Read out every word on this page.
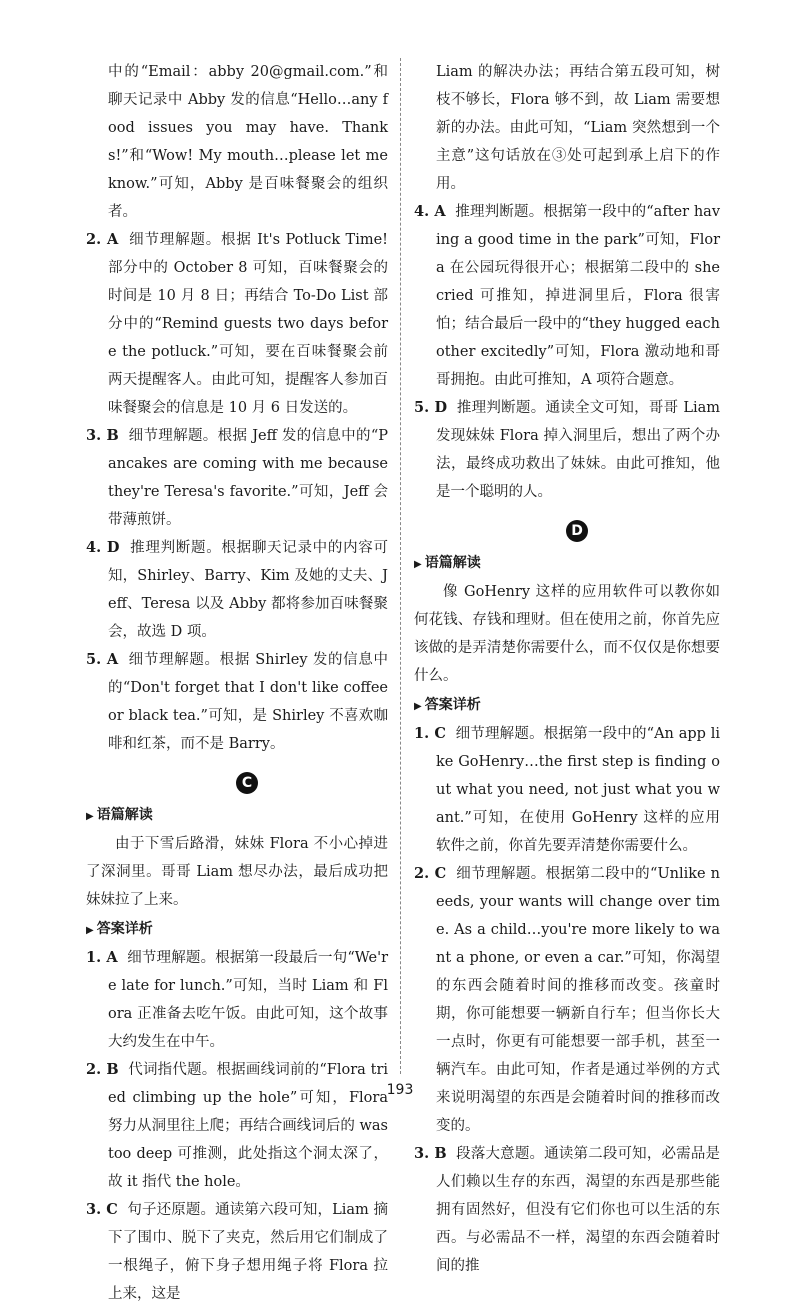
中的“Email：abby 20@gmail.com.”和聊天记录中 Abby 发的信息“Hello…any food issues you may have. Thanks!”和“Wow! My mouth…please let me know.”可知，Abby 是百味餐聚会的组织者。

2. A 细节理解题。根据 It's Potluck Time! 部分中的 October 8 可知，百味餐聚会的时间是 10 月 8 日；再结合 To-Do List 部分中的“Remind guests two days before the potluck.”可知，要在百味餐聚会前两天提醒客人。由此可知，提醒客人参加百味餐聚会的信息是 10 月 6 日发送的。

3. B 细节理解题。根据 Jeff 发的信息中的“Pancakes are coming with me because they're Teresa's favorite.”可知，Jeff 会带薄煎饼。

4. D 推理判断题。根据聊天记录中的内容可知，Shirley、Barry、Kim 及她的丈夫、Jeff、Teresa 以及 Abby 都将参加百味餐聚会，故选 D 项。

5. A 细节理解题。根据 Shirley 发的信息中的“Don't forget that I don't like coffee or black tea.”可知，是 Shirley 不喜欢咖啡和红茶，而不是 Barry。

C
▶ 语篇解读

由于下雪后路滑，妹妹 Flora 不小心掉进了深洞里。哥哥 Liam 想尽办法，最后成功把妹妹拉了上来。

▶ 答案详析

1. A 细节理解题。根据第一段最后一句“We're late for lunch.”可知，当时 Liam 和 Flora 正准备去吃午饭。由此可知，这个故事大约发生在中午。

2. B 代词指代题。根据画线词前的“Flora tried climbing up the hole”可知，Flora 努力从洞里往上爬；再结合画线词后的 was too deep 可推测，此处指这个洞太深了，故 it 指代 the hole。

3. C 句子还原题。通读第六段可知，Liam 摘下了围巾、脱下了夹克，然后用它们制成了一根绳子，俯下身子想用绳子将 Flora 拉上来，这是

Liam 的解决办法；再结合第五段可知，树枝不够长，Flora 够不到，故 Liam 需要想新的办法。由此可知，“Liam 突然想到一个主意”这句话放在③处可起到承上启下的作用。

4. A 推理判断题。根据第一段中的“after having a good time in the park”可知，Flora 在公园玩得很开心；根据第二段中的 she cried 可推知，掉进洞里后，Flora 很害怕；结合最后一段中的“they hugged each other excitedly”可知，Flora 激动地和哥哥拥抱。由此可推知，A 项符合题意。

5. D 推理判断题。通读全文可知，哥哥 Liam 发现妹妹 Flora 掉入洞里后，想出了两个办法，最终成功救出了妹妹。由此可推知，他是一个聪明的人。

D
▶ 语篇解读

像 GoHenry 这样的应用软件可以教你如何花钱、存钱和理财。但在使用之前，你首先应该做的是弄清楚你需要什么，而不仅仅是你想要什么。

▶ 答案详析

1. C 细节理解题。根据第一段中的“An app like GoHenry…the first step is finding out what you need, not just what you want.”可知，在使用 GoHenry 这样的应用软件之前，你首先要弄清楚你需要什么。

2. C 细节理解题。根据第二段中的“Unlike needs, your wants will change over time. As a child…you're more likely to want a phone, or even a car.”可知，你渴望的东西会随着时间的推移而改变。孩童时期，你可能想要一辆新自行车；但当你长大一点时，你更有可能想要一部手机，甚至一辆汽车。由此可知，作者是通过举例的方式来说明渴望的东西是会随着时间的推移而改变的。

3. B 段落大意题。通读第二段可知，必需品是人们赖以生存的东西，渴望的东西是那些能拥有固然好，但没有它们你也可以生活的东西。与必需品不一样，渴望的东西会随着时间的推

193
